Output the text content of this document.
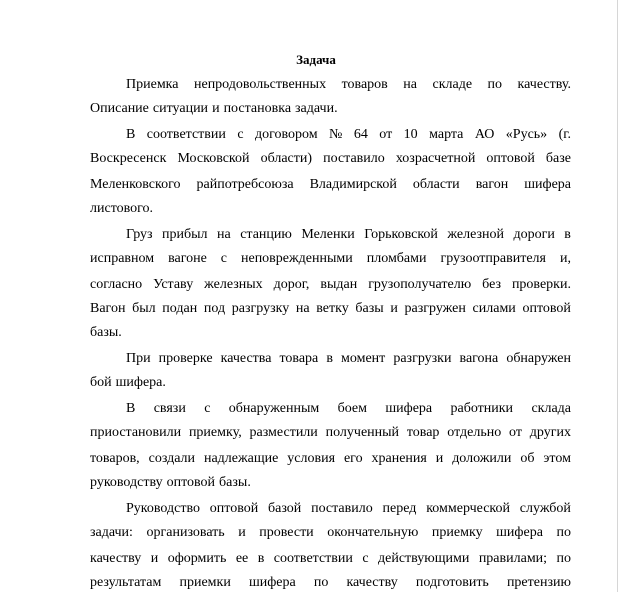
Задача
Приемка непродовольственных товаров на складе по качеству.
Описание ситуации и постановка задачи.
В соответствии с договором № 64 от 10 марта АО «Русь» (г.
Воскресенск Московской области) поставило хозрасчетной оптовой базе
Меленковского райпотребсоюза Владимирской области вагон шифера
листового.
Груз прибыл на станцию Меленки Горьковской железной дороги в
исправном вагоне с неповрежденными пломбами грузоотправителя и,
согласно Уставу железных дорог, выдан грузополучателю без проверки.
Вагон был подан под разгрузку на ветку базы и разгружен силами оптовой
базы.
При проверке качества товара в момент разгрузки вагона обнаружен
бой шифера.
В связи с обнаруженным боем шифера работники склада
приостановили приемку, разместили полученный товар отдельно от других
товаров, создали надлежащие условия его хранения и доложили об этом
руководству оптовой базы.
Руководство оптовой базой поставило перед коммерческой службой
задачи: организовать и провести окончательную приемку шифера по
качеству и оформить ее в соответствии с действующими правилами; по
результатам приемки шифера по качеству подготовить претензию
